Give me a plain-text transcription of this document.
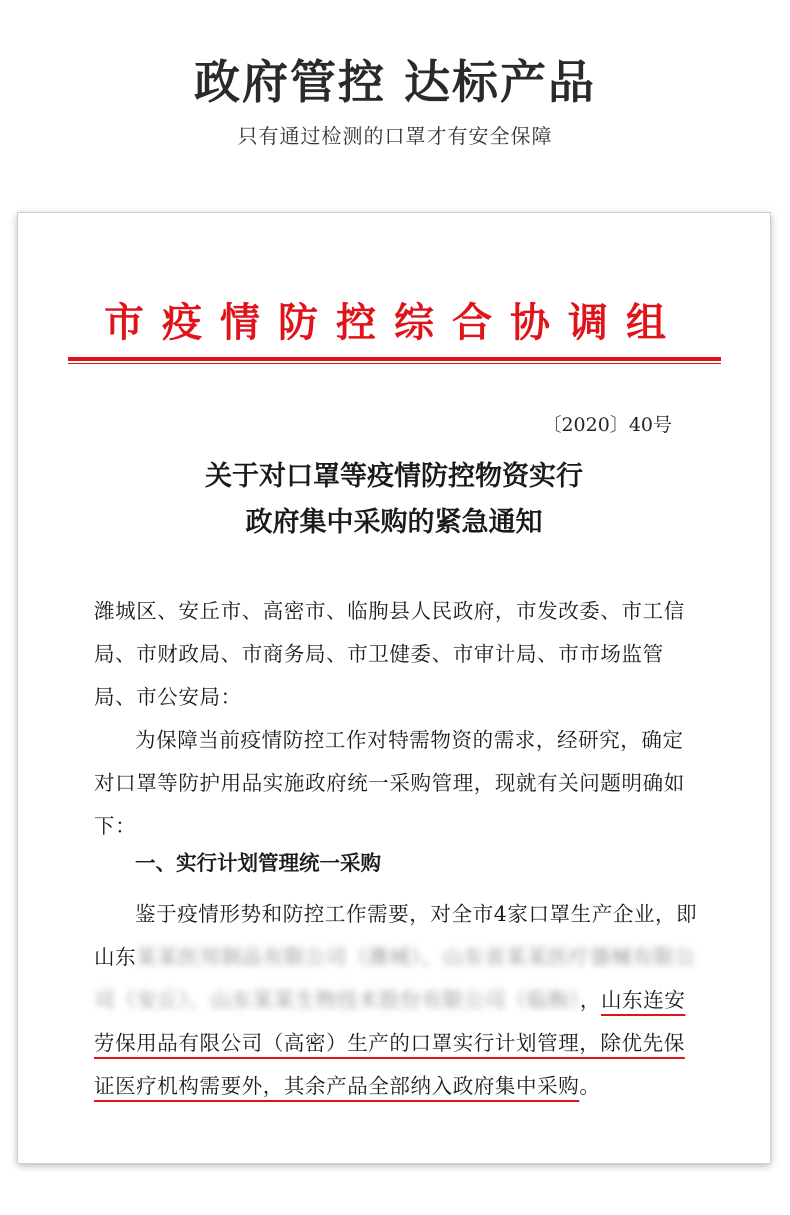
政府管控 达标产品
只有通过检测的口罩才有安全保障
市疫情防控综合协调组
〔2020〕40号
关于对口罩等疫情防控物资实行
政府集中采购的紧急通知
潍城区、安丘市、高密市、临朐县人民政府，市发改委、市工信局、市财政局、市商务局、市卫健委、市审计局、市市场监管局、市公安局：
为保障当前疫情防控工作对特需物资的需求，经研究，确定对口罩等防护用品实施政府统一采购管理，现就有关问题明确如下：
一、实行计划管理统一采购
鉴于疫情形势和防控工作需要，对全市4家口罩生产企业，即山东某某医用制品有限公司（潍城）、山东省某某医疗器械有限公司（安丘）、山东某某生物技术股份有限公司（临朐），山东连安劳保用品有限公司（高密）生产的口罩实行计划管理，除优先保证医疗机构需要外，其余产品全部纳入政府集中采购。
